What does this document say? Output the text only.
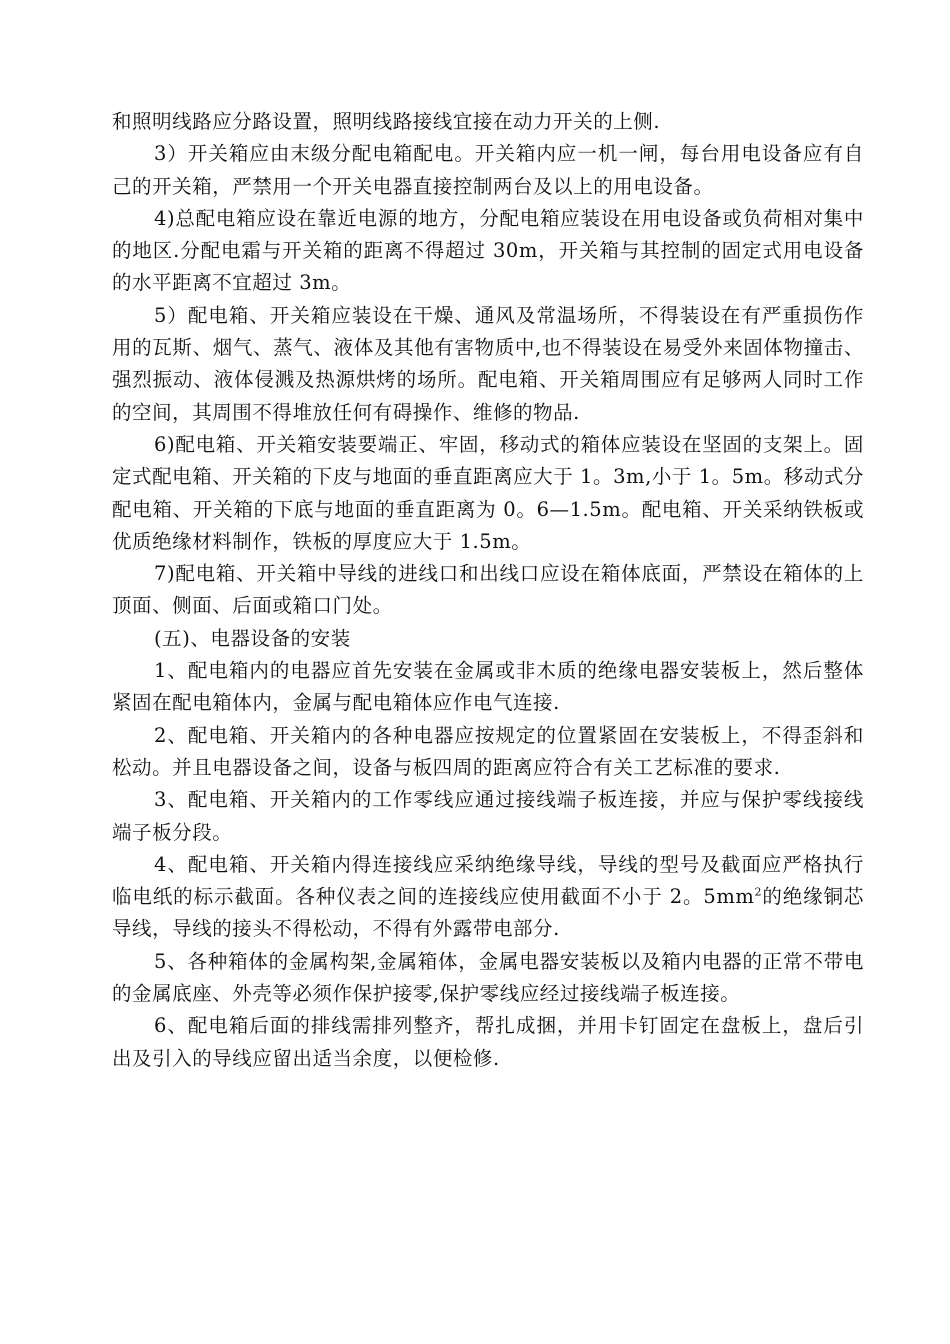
和照明线路应分路设置，照明线路接线宜接在动力开关的上侧.

3）开关箱应由末级分配电箱配电。开关箱内应一机一闸，每台用电设备应有自己的开关箱，严禁用一个开关电器直接控制两台及以上的用电设备。

4)总配电箱应设在靠近电源的地方，分配电箱应装设在用电设备或负荷相对集中的地区.分配电霜与开关箱的距离不得超过 30m，开关箱与其控制的固定式用电设备的水平距离不宜超过 3m。

5）配电箱、开关箱应装设在干燥、通风及常温场所，不得装设在有严重损伤作用的瓦斯、烟气、蒸气、液体及其他有害物质中,也不得装设在易受外来固体物撞击、强烈振动、液体侵溅及热源烘烤的场所。配电箱、开关箱周围应有足够两人同时工作的空间，其周围不得堆放任何有碍操作、维修的物品.

6)配电箱、开关箱安装要端正、牢固，移动式的箱体应装设在坚固的支架上。固定式配电箱、开关箱的下皮与地面的垂直距离应大于 1。3m,小于 1。5m。移动式分配电箱、开关箱的下底与地面的垂直距离为 0。6—1.5m。配电箱、开关采纳铁板或优质绝缘材料制作，铁板的厚度应大于 1.5m。

7)配电箱、开关箱中导线的进线口和出线口应设在箱体底面，严禁设在箱体的上顶面、侧面、后面或箱口门处。

(五)、电器设备的安装

1、配电箱内的电器应首先安装在金属或非木质的绝缘电器安装板上，然后整体紧固在配电箱体内，金属与配电箱体应作电气连接.

2、配电箱、开关箱内的各种电器应按规定的位置紧固在安装板上，不得歪斜和松动。并且电器设备之间，设备与板四周的距离应符合有关工艺标准的要求.

3、配电箱、开关箱内的工作零线应通过接线端子板连接，并应与保护零线接线端子板分段。

4、配电箱、开关箱内得连接线应采纳绝缘导线，导线的型号及截面应严格执行临电纸的标示截面。各种仪表之间的连接线应使用截面不小于 2。$5mm^2$的绝缘铜芯导线，导线的接头不得松动，不得有外露带电部分.

5、各种箱体的金属构架,金属箱体，金属电器安装板以及箱内电器的正常不带电的金属底座、外壳等必须作保护接零,保护零线应经过接线端子板连接。

6、配电箱后面的排线需排列整齐，帮扎成捆，并用卡钉固定在盘板上，盘后引出及引入的导线应留出适当余度，以便检修.
